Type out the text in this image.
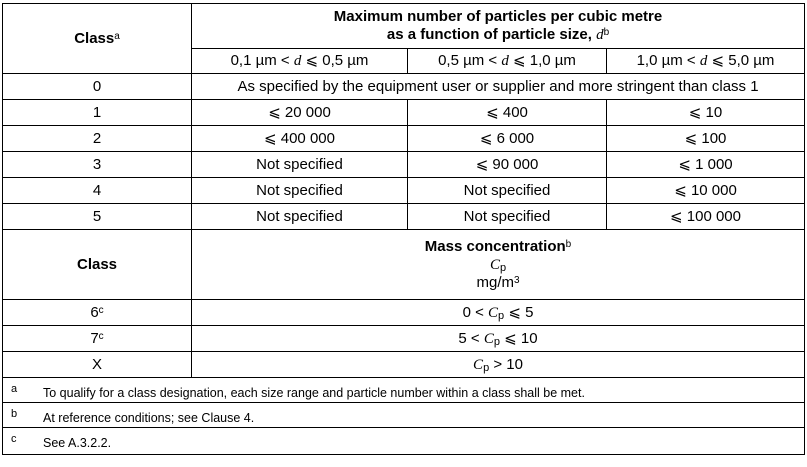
Class$^a$	Maximum number of particles per cubic metre
as a function of particle size, $d^b$

	0,1 µm < d ⩽ 0,5 µm	0,5 µm < d ⩽ 1,0 µm	1,0 µm < d ⩽ 5,0 µm
0	As specified by the equipment user or supplier and more stringent than class 1		
1	⩽ 20 000	⩽ 400	⩽ 10
2	⩽ 400 000	⩽ 6 000	⩽ 100
3	Not specified	⩽ 90 000	⩽ 1 000
4	Not specified	Not specified	⩽ 10 000
5	Not specified	Not specified	⩽ 100 000
Class	Mass concentration$^b$
$C_p$
$mg/m^3$

6$^c$	$0 < C_p$ ⩽ 5		
7$^c$	$5 < C_p$ ⩽ 10		
X	$C_p > 10$		

a To qualify for a class designation, each size range and particle number within a class shall be met.			

b At reference conditions; see Clause 4.			

c See A.3.2.2.			
